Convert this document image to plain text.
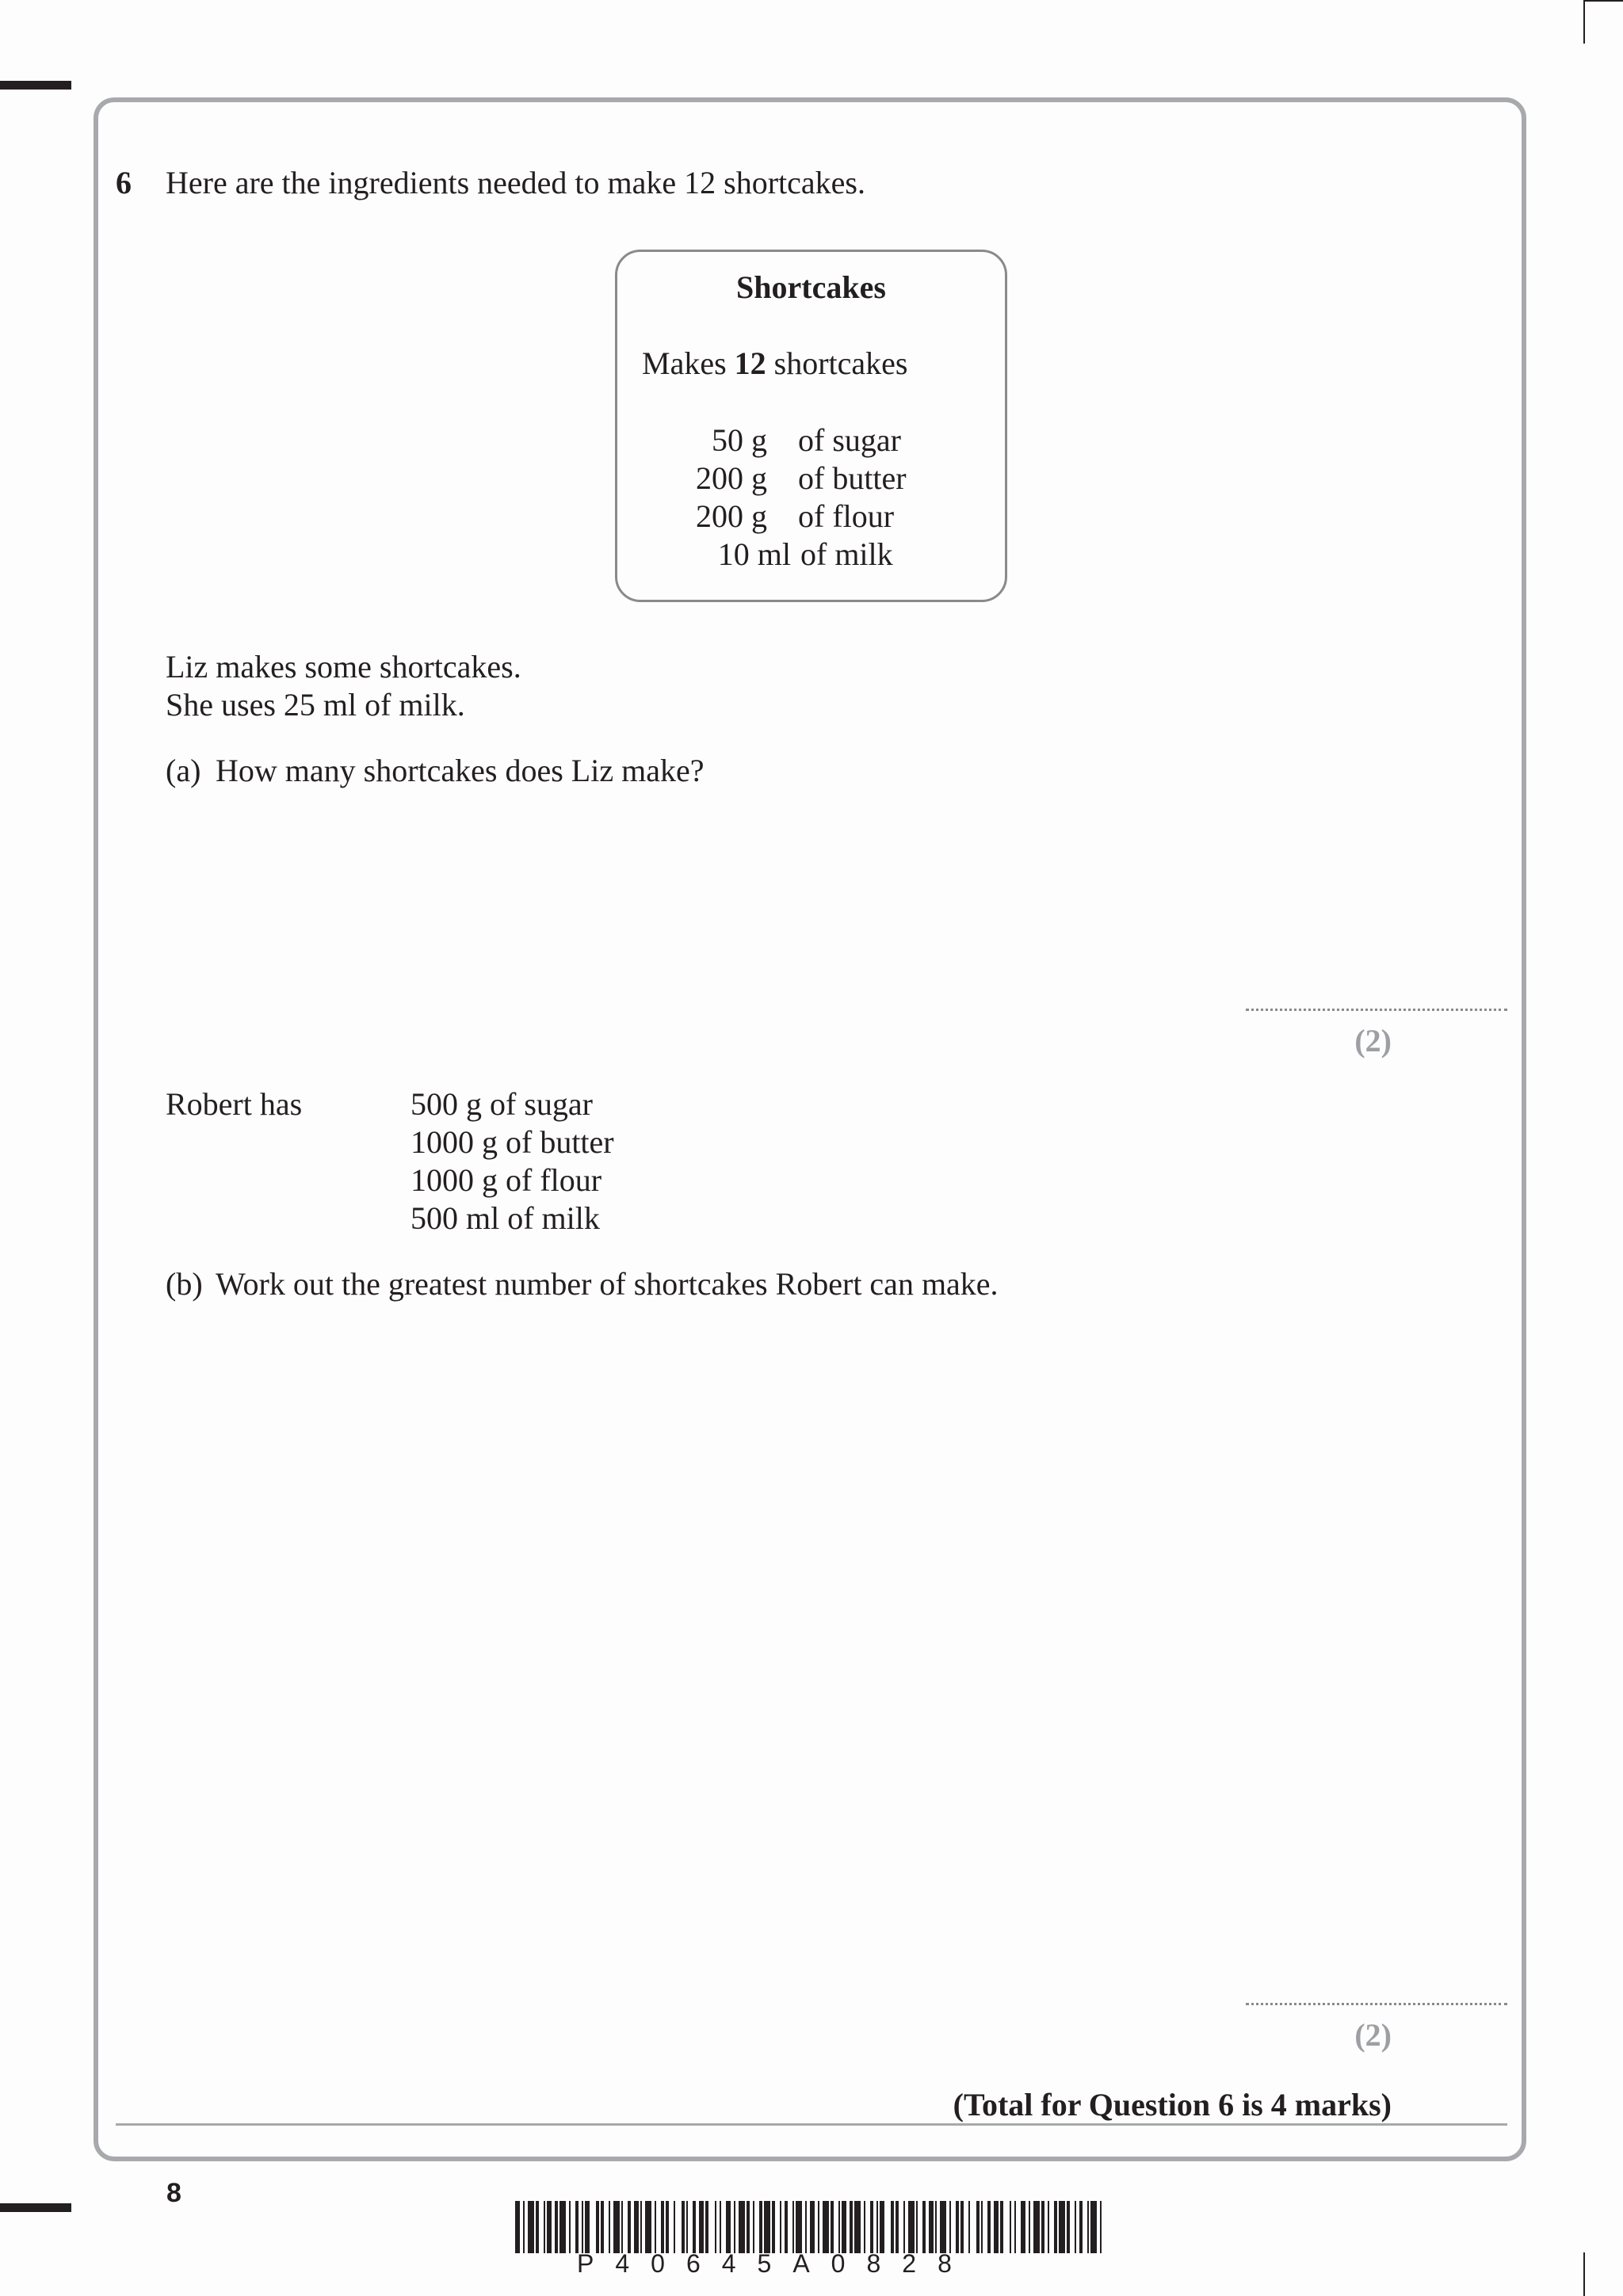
6 Here are the ingredients needed to make 12 shortcakes.
Shortcakes
Makes 12 shortcakes
50 g of sugar
200 g of butter
200 g of flour
10 ml of milk
Liz makes some shortcakes.
She uses 25 ml of milk.
(a) How many shortcakes does Liz make?
(2)
Robert has	500 g of sugar
1000 g of butter
1000 g of flour
500 ml of milk
(b) Work out the greatest number of shortcakes Robert can make.
(2)
(Total for Question 6 is 4 marks)
8
P40645A0828
